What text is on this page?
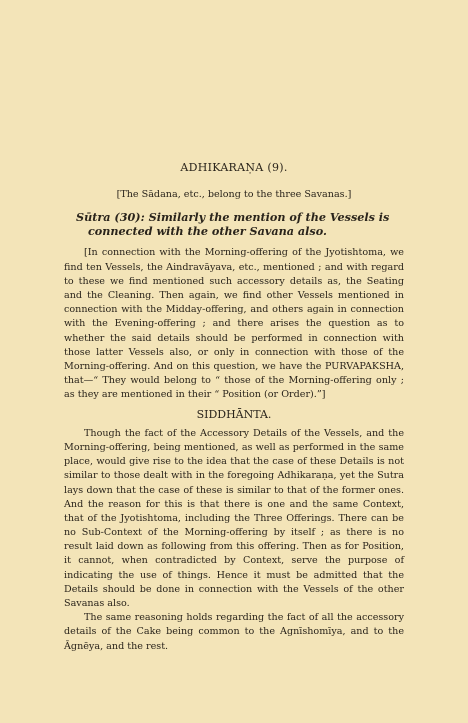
ADHIKARAṆA (9).

[The Sādana, etc., belong to the three Savanas.]

Sūtra (30): Similarly the mention of the Vessels is connected with the other Savana also.

[In connection with the Morning-offering of the Jyotishtoma, we find ten Vessels, the Aindravāyava, etc., mentioned ; and with regard to these we find mentioned such accessory details as, the Seating and the Cleaning. Then again, we find other Vessels mentioned in connection with the Midday-offering, and others again in connection with the Evening-offering ; and there arises the question as to whether the said details should be performed in connection with those latter Vessels also, or only in connection with those of the Morning-offering. And on this question, we have the PURVAPAKSHA, that—“ They would belong to “ those of the Morning-offering only ; as they are mentioned in their “ Position (or Order).”]

SIDDHĀNTA.

Though the fact of the Accessory Details of the Vessels, and the Morning-offering, being mentioned, as well as performed in the same place, would give rise to the idea that the case of these Details is not similar to those dealt with in the foregoing Adhikaraṇa, yet the Sutra lays down that the case of these is similar to that of the former ones. And the reason for this is that there is one and the same Context, that of the Jyotishtoma, including the Three Offerings. There can be no Sub-Context of the Morning-offering by itself ; as there is no result laid down as following from this offering. Then as for Position, it cannot, when contradicted by Context, serve the purpose of indicating the use of things. Hence it must be admitted that the Details should be done in connection with the Vessels of the other Savanas also.

The same reasoning holds regarding the fact of all the accessory details of the Cake being common to the Agnīshomīya, and to the Āgnēya, and the rest.
